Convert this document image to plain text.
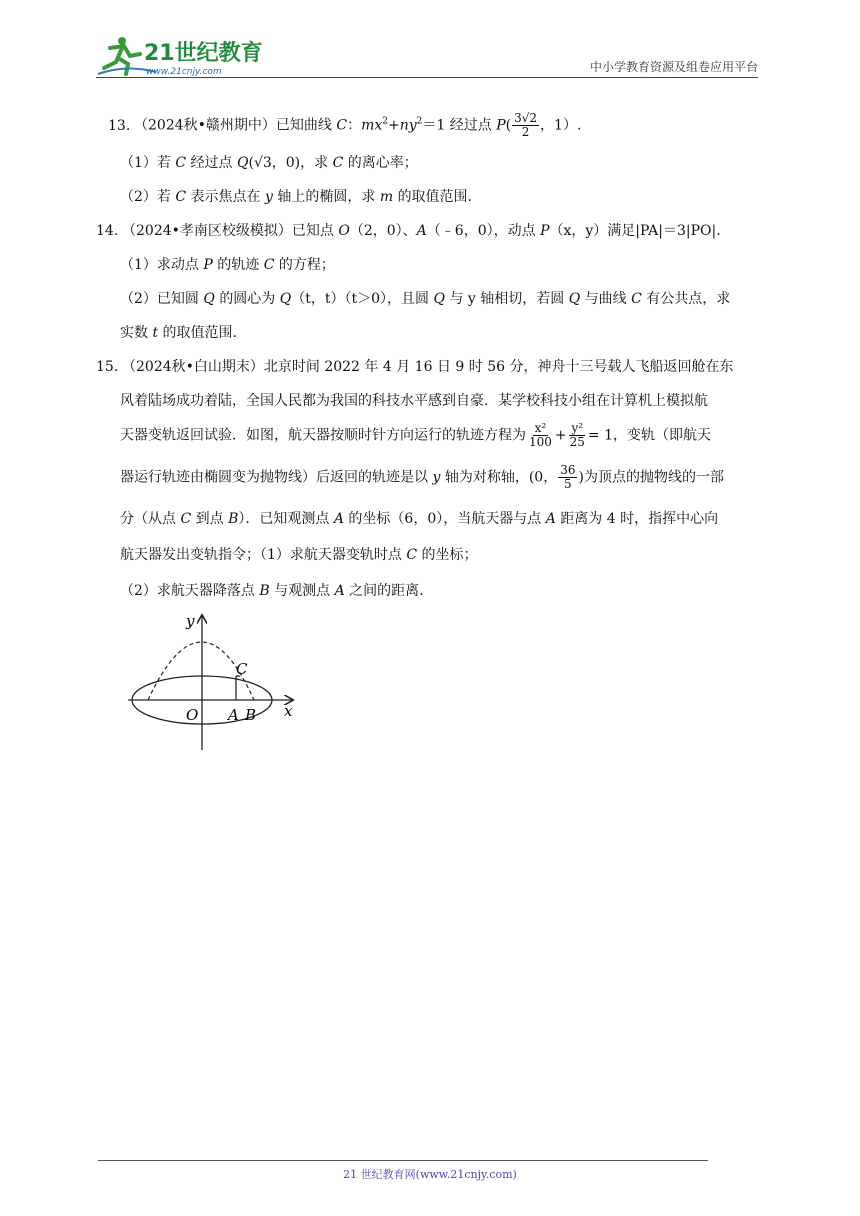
21世纪教育
www.21cnjy.com	中小学教育资源及组卷应用平台
13. （2024秋•赣州期中）已知曲线 C：$mx^2+ny^2=1$ 经过点 $P( \frac{3√2}{2}$ ，1）.
（1）若 C 经过点 Q(√3，0)，求 C 的离心率；
（2）若 C 表示焦点在 y 轴上的椭圆，求 m 的取值范围.
14. （2024•孝南区校级模拟）已知点 O（2，0）、A（﹣6，0），动点 P（x，y）满足|PA|＝3|PO|.
（1）求动点 P 的轨迹 C 的方程；
（2）已知圆 Q 的圆心为 Q（t，t）（t＞0），且圆 Q 与 y 轴相切，若圆 Q 与曲线 C 有公共点，求
实数 t 的取值范围.
15. （2024秋•白山期末）北京时间 2022 年 4 月 16 日 9 时 56 分，神舟十三号载人飞船返回舱在东
风着陆场成功着陆，全国人民都为我国的科技水平感到自豪．某学校科技小组在计算机上模拟航
天器变轨返回试验．如图，航天器按顺时针方向运行的轨迹方程为 $\frac{\text{x²}}{100} + \frac{\text{y²}}{25} = 1$，变轨（即航天
器运行轨迹由椭圆变为抛物线）后返回的轨迹是以 y 轴为对称轴，(0， $\frac{36}{5}$ )为顶点的抛物线的一部
分（从点 C 到点 B）．已知观测点 A 的坐标（6，0），当航天器与点 A 距离为 4 时，指挥中心向
航天器发出变轨指令；（1）求航天器变轨时点 C 的坐标；
（2）求航天器降落点 B 与观测点 A 之间的距离.
y
x
O A B
C
21 世纪教育网(www.21cnjy.com)
